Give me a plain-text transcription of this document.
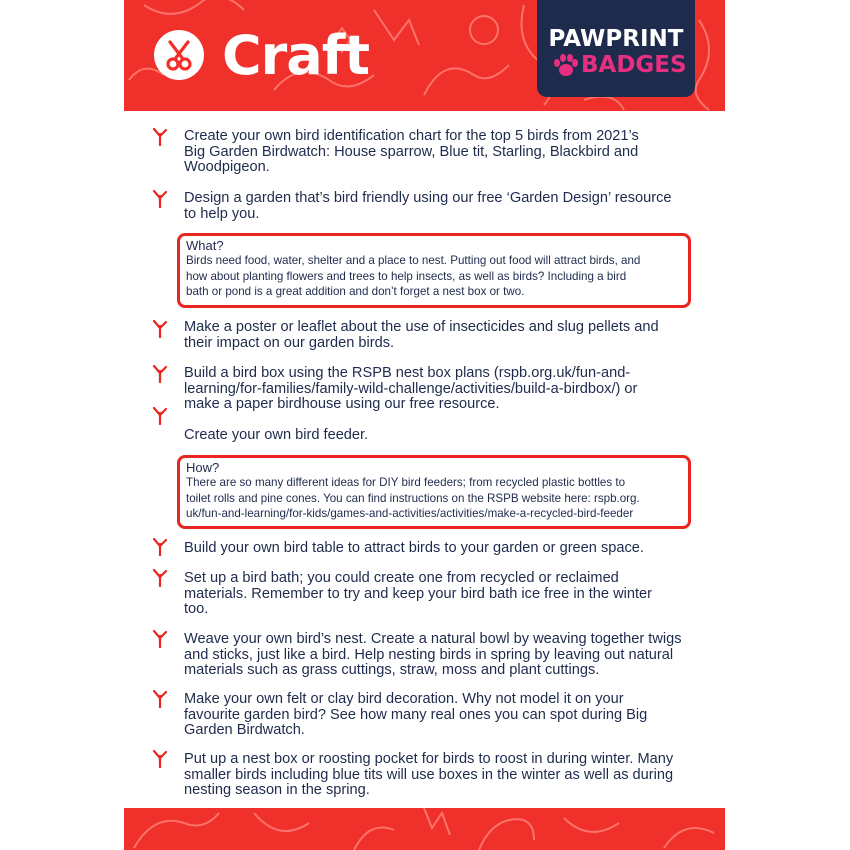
Craft	PAWPRINT
BADGES
Create your own bird identification chart for the top 5 birds from 2021’s
Big Garden Birdwatch: House sparrow, Blue tit, Starling, Blackbird and
Woodpigeon.
Design a garden that’s bird friendly using our free ‘Garden Design’ resource
to help you.
What?
Birds need food, water, shelter and a place to nest. Putting out food will attract birds, and
how about planting flowers and trees to help insects, as well as birds? Including a bird
bath or pond is a great addition and don’t forget a nest box or two.
Make a poster or leaflet about the use of insecticides and slug pellets and
their impact on our garden birds.
Build a bird box using the RSPB nest box plans (rspb.org.uk/fun-and-
learning/for-families/family-wild-challenge/activities/build-a-birdbox/) or
make a paper birdhouse using our free resource.
Create your own bird feeder.
How?
There are so many different ideas for DIY bird feeders; from recycled plastic bottles to
toilet rolls and pine cones. You can find instructions on the RSPB website here: rspb.org.
uk/fun-and-learning/for-kids/games-and-activities/activities/make-a-recycled-bird-feeder
Build your own bird table to attract birds to your garden or green space.
Set up a bird bath; you could create one from recycled or reclaimed
materials. Remember to try and keep your bird bath ice free in the winter
too.
Weave your own bird’s nest. Create a natural bowl by weaving together twigs
and sticks, just like a bird. Help nesting birds in spring by leaving out natural
materials such as grass cuttings, straw, moss and plant cuttings.
Make your own felt or clay bird decoration. Why not model it on your
favourite garden bird? See how many real ones you can spot during Big
Garden Birdwatch.
Put up a nest box or roosting pocket for birds to roost in during winter. Many
smaller birds including blue tits will use boxes in the winter as well as during
nesting season in the spring.
